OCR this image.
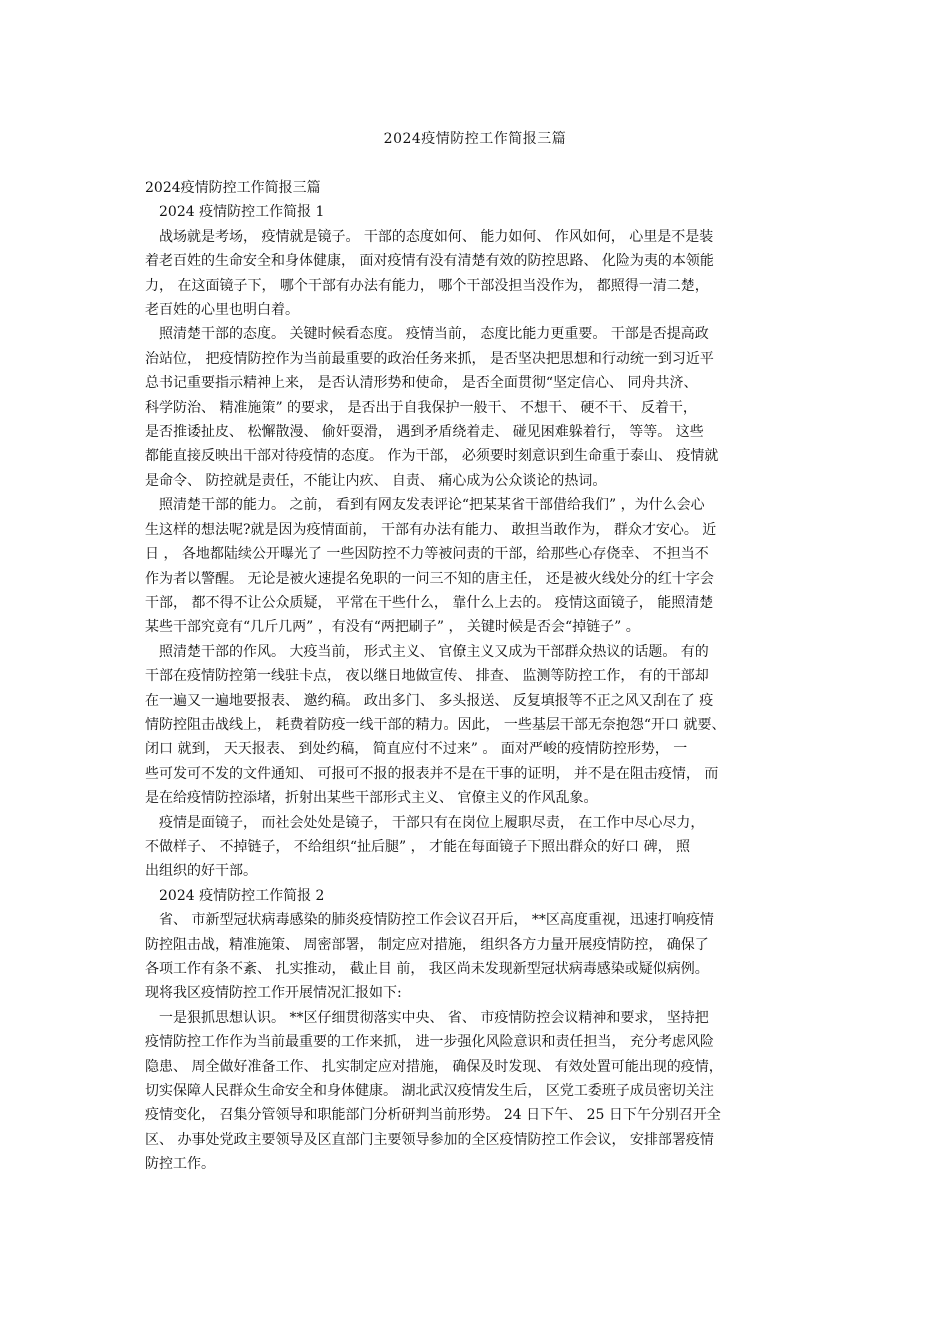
2024疫情防控工作简报三篇

2024疫情防控工作简报三篇

2024 疫情防控工作简报 1

战场就是考场， 疫情就是镜子。 干部的态度如何、 能力如何、 作风如何， 心里是不是装

着老百姓的生命安全和身体健康， 面对疫情有没有清楚有效的防控思路、 化险为夷的本领能

力， 在这面镜子下， 哪个干部有办法有能力， 哪个干部没担当没作为， 都照得一清二楚，

老百姓的心里也明白着。

照清楚干部的态度。 关键时候看态度。 疫情当前， 态度比能力更重要。 干部是否提高政

治站位， 把疫情防控作为当前最重要的政治任务来抓， 是否坚决把思想和行动统一到习近平

总书记重要指示精神上来， 是否认清形势和使命， 是否全面贯彻“坚定信心、 同舟共济、

科学防治、 精准施策” 的要求， 是否出于自我保护一般干、 不想干、 硬不干、 反着干，

是否推诿扯皮、 松懈散漫、 偷奸耍滑， 遇到矛盾绕着走、 碰见困难躲着行， 等等。 这些

都能直接反映出干部对待疫情的态度。 作为干部， 必须要时刻意识到生命重于泰山、 疫情就

是命令、 防控就是责任，不能让内疚、 自责、 痛心成为公众谈论的热词。

照清楚干部的能力。 之前， 看到有网友发表评论“把某某省干部借给我们” ，为什么会心

生这样的想法呢?就是因为疫情面前， 干部有办法有能力、 敢担当敢作为， 群众才安心。 近

日 ， 各地都陆续公开曝光了 一些因防控不力等被问责的干部，给那些心存侥幸、 不担当不

作为者以警醒。 无论是被火速提名免职的一问三不知的唐主任， 还是被火线处分的红十字会

干部， 都不得不让公众质疑， 平常在干些什么， 靠什么上去的。 疫情这面镜子， 能照清楚

某些干部究竟有“几斤几两” ，有没有“两把刷子” ， 关键时候是否会“掉链子” 。

照清楚干部的作风。 大疫当前， 形式主义、 官僚主义又成为干部群众热议的话题。 有的

干部在疫情防控第一线驻卡点， 夜以继日地做宣传、 排查、 监测等防控工作， 有的干部却

在一遍又一遍地要报表、 邀约稿。 政出多门、 多头报送、 反复填报等不正之风又刮在了 疫

情防控阻击战线上， 耗费着防疫一线干部的精力。因此， 一些基层干部无奈抱怨“开口 就要、

闭口 就到， 天天报表、 到处约稿， 简直应付不过来” 。 面对严峻的疫情防控形势， 一

些可发可不发的文件通知、 可报可不报的报表并不是在干事的证明， 并不是在阻击疫情， 而

是在给疫情防控添堵，折射出某些干部形式主义、 官僚主义的作风乱象。

疫情是面镜子， 而社会处处是镜子， 干部只有在岗位上履职尽责， 在工作中尽心尽力，

不做样子、 不掉链子， 不给组织“扯后腿” ， 才能在每面镜子下照出群众的好口 碑， 照

出组织的好干部。

2024 疫情防控工作简报 2

省、 市新型冠状病毒感染的肺炎疫情防控工作会议召开后， **区高度重视，迅速打响疫情

防控阻击战，精准施策、 周密部署， 制定应对措施， 组织各方力量开展疫情防控， 确保了

各项工作有条不紊、 扎实推动， 截止目 前， 我区尚未发现新型冠状病毒感染或疑似病例。

现将我区疫情防控工作开展情况汇报如下:

一是狠抓思想认识。 **区仔细贯彻落实中央、 省、 市疫情防控会议精神和要求， 坚持把

疫情防控工作作为当前最重要的工作来抓， 进一步强化风险意识和责任担当， 充分考虑风险

隐患、 周全做好准备工作、 扎实制定应对措施， 确保及时发现、 有效处置可能出现的疫情，

切实保障人民群众生命安全和身体健康。 湖北武汉疫情发生后， 区党工委班子成员密切关注

疫情变化， 召集分管领导和职能部门分析研判当前形势。 24 日下午、 25 日下午分别召开全

区、 办事处党政主要领导及区直部门主要领导参加的全区疫情防控工作会议， 安排部署疫情

防控工作。
